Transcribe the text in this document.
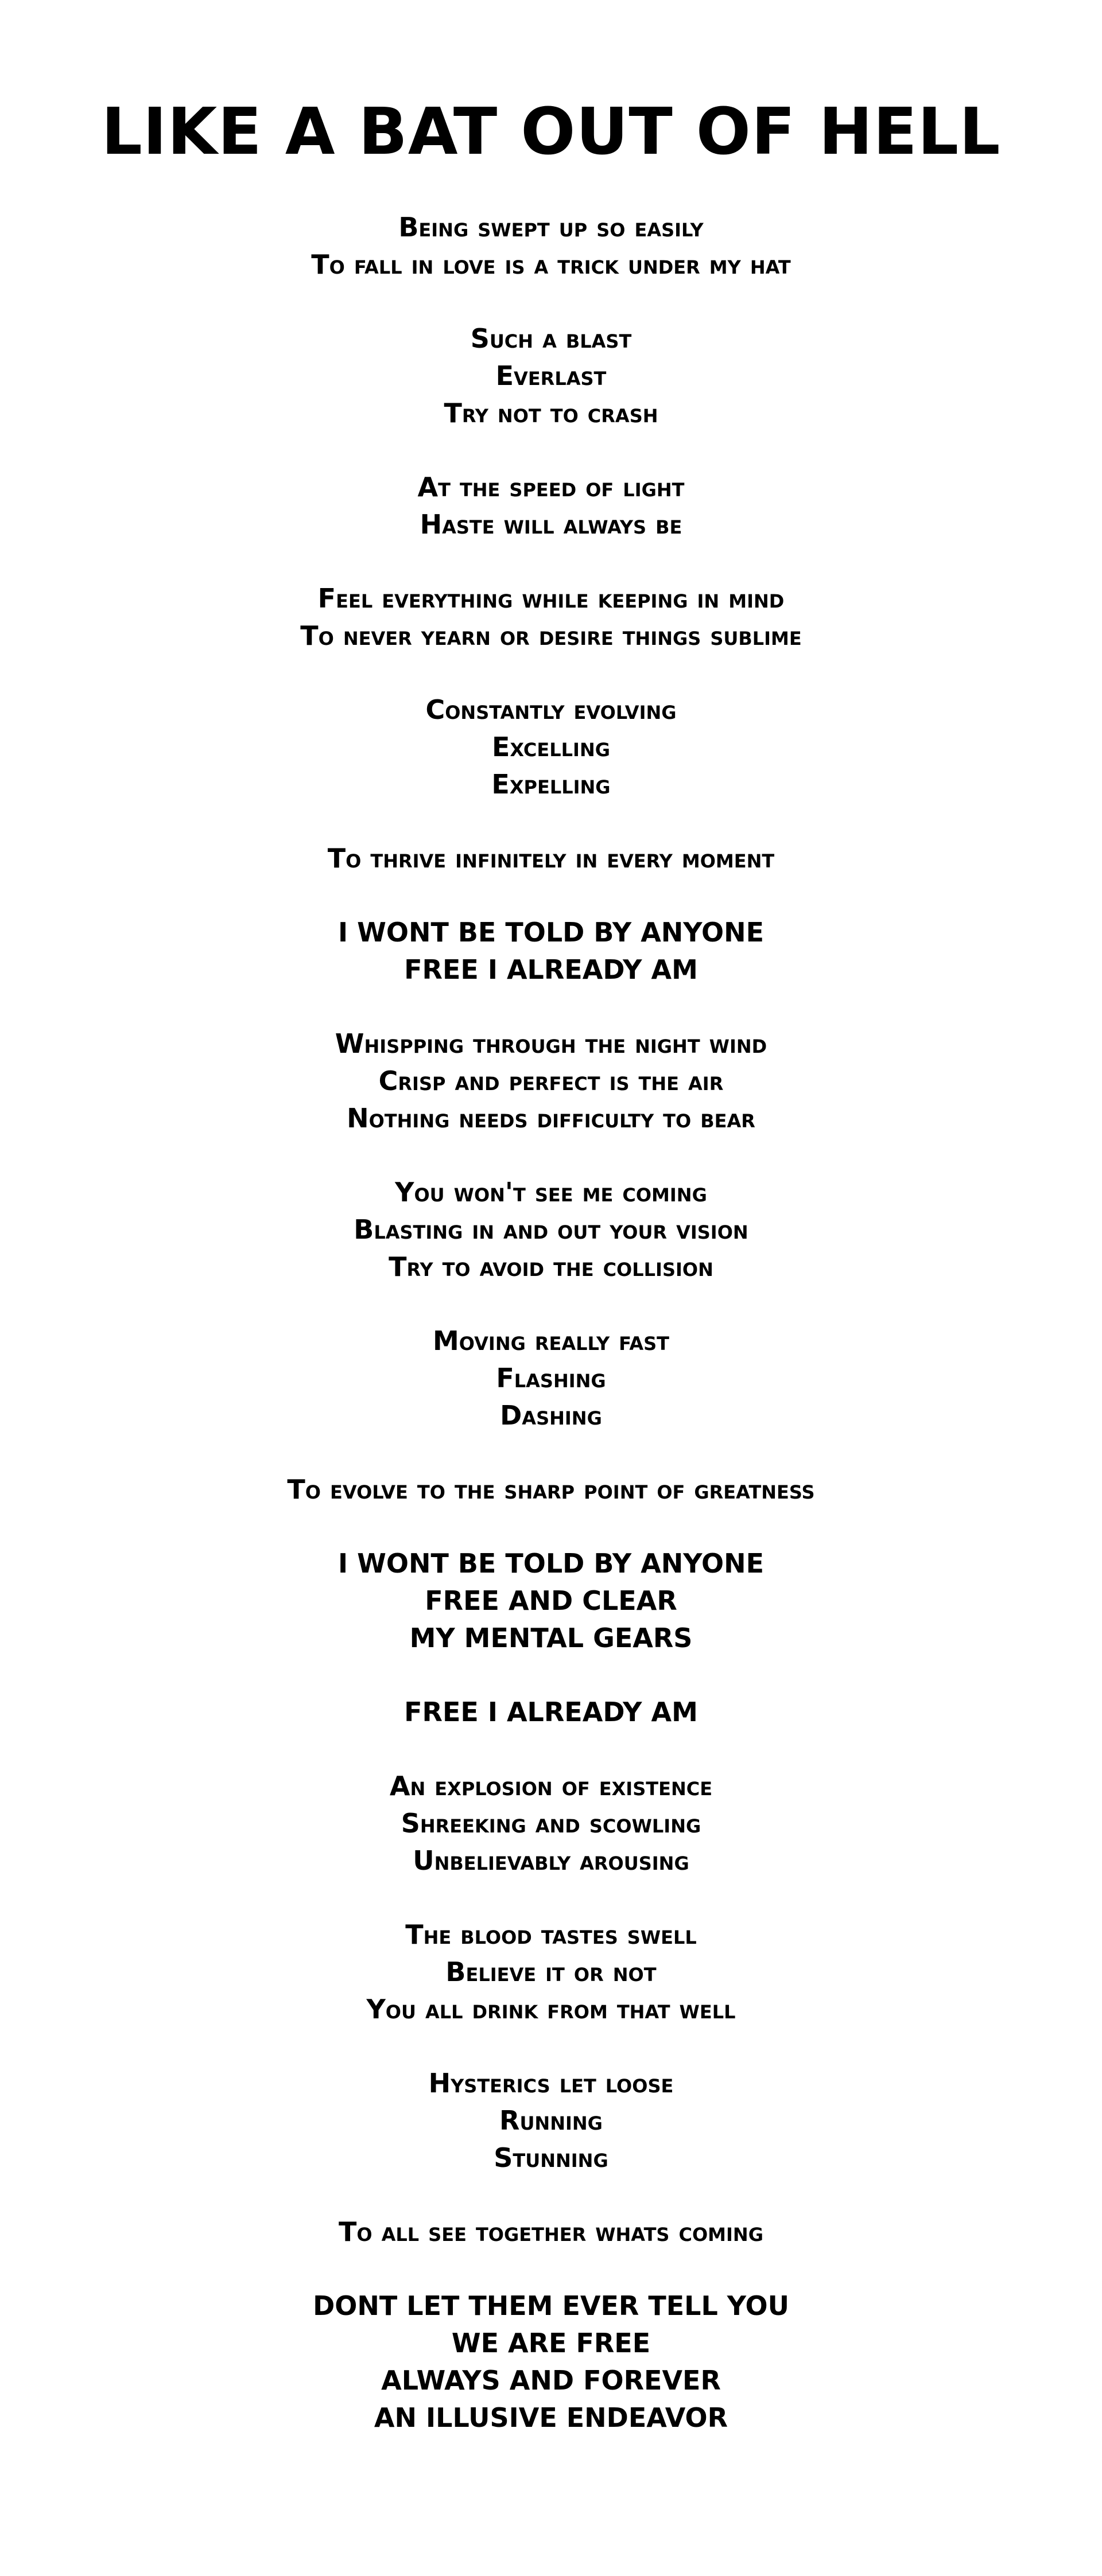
LIKE A BAT OUT OF HELL
Being swept up so easily
To fall in love is a trick under my hat
Such a blast
Everlast
Try not to crash
At the speed of light
Haste will always be
Feel everything while keeping in mind
To never yearn or desire things sublime
Constantly evolving
Excelling
Expelling
To thrive infinitely in every moment
I WONT BE TOLD BY ANYONE
FREE I ALREADY AM
Whispping through the night wind
Crisp and perfect is the air
Nothing needs difficulty to bear
You won't see me coming
Blasting in and out your vision
Try to avoid the collision
Moving really fast
Flashing
Dashing
To evolve to the sharp point of greatness
I WONT BE TOLD BY ANYONE
FREE AND CLEAR
MY MENTAL GEARS
FREE I ALREADY AM
An explosion of existence
Shreeking and scowling
Unbelievably arousing
The blood tastes swell
Believe it or not
You all drink from that well
Hysterics let loose
Running
Stunning
To all see together whats coming
DONT LET THEM EVER TELL YOU
WE ARE FREE
ALWAYS AND FOREVER
AN ILLUSIVE ENDEAVOR
